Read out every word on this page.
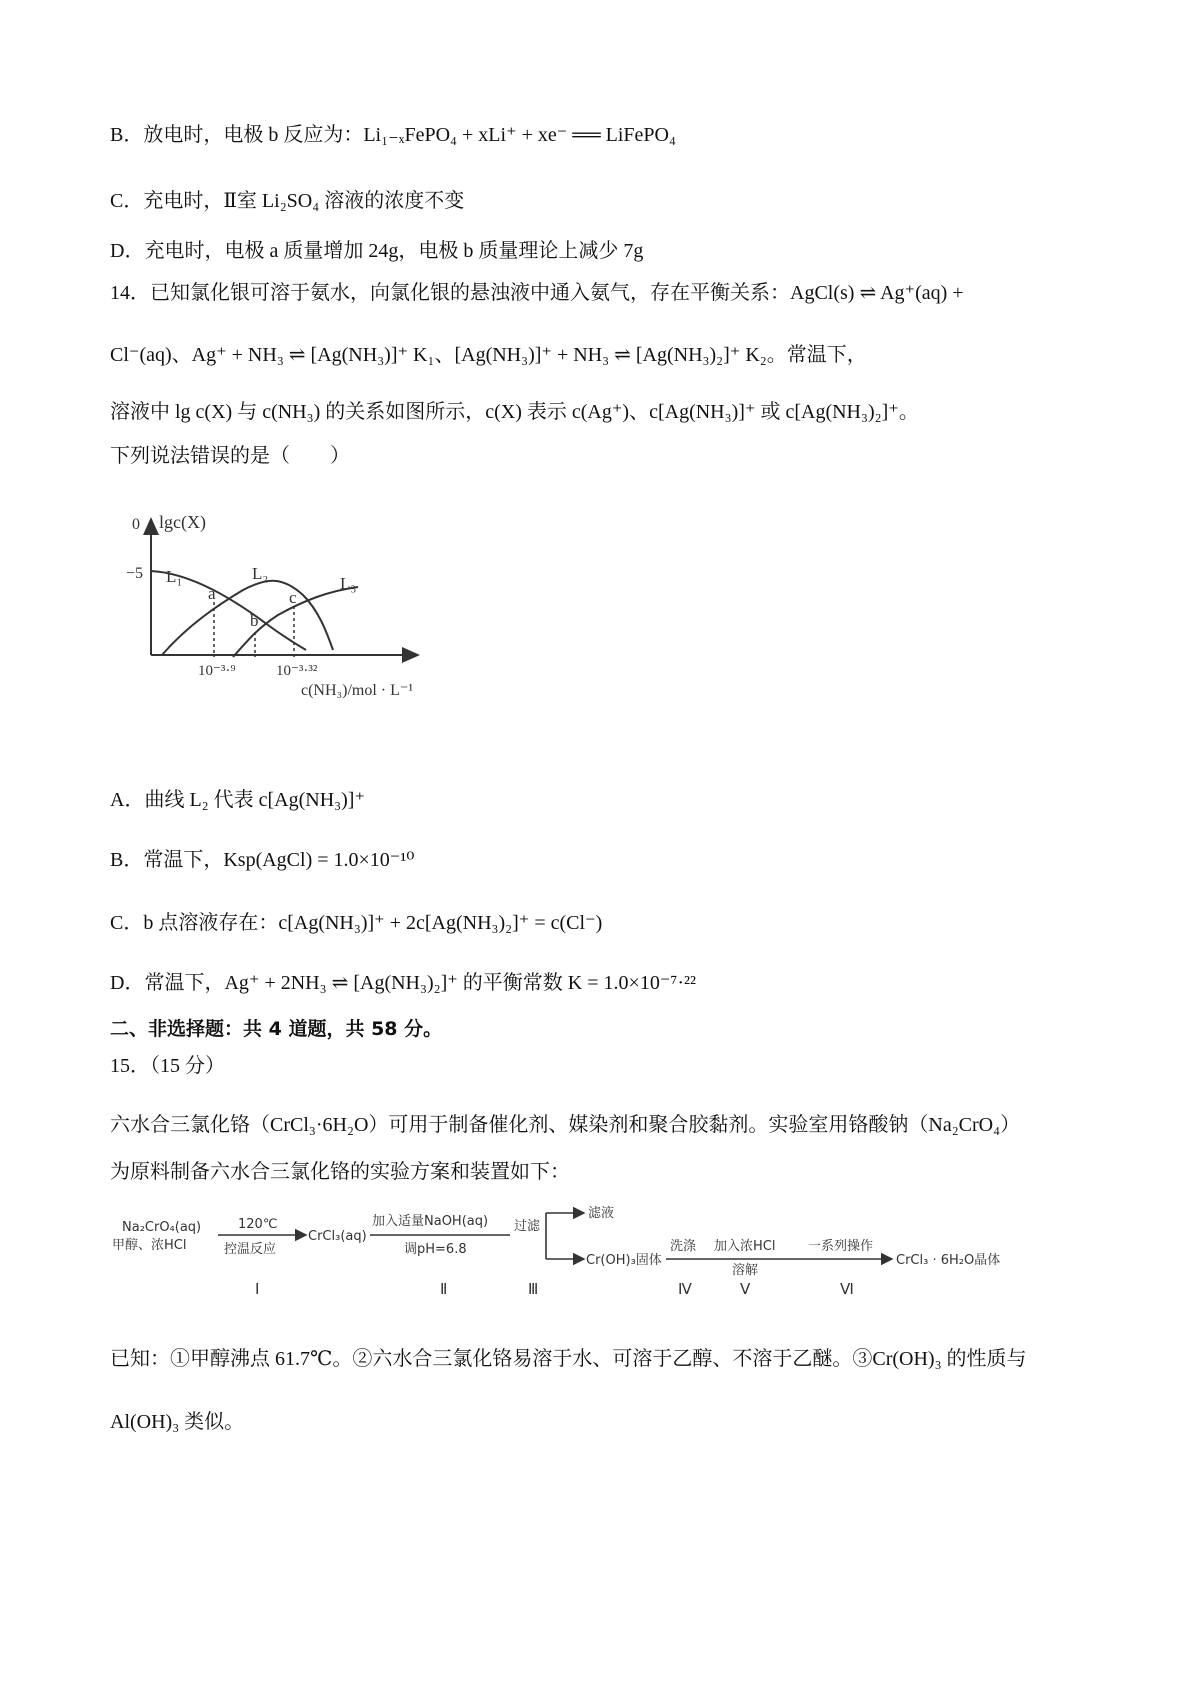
B．放电时，电极 b 反应为：Li₁₋ₓFePO₄ + xLi⁺ + xe⁻ ══ LiFePO₄
C．充电时，Ⅱ室 Li₂SO₄ 溶液的浓度不变
D．充电时，电极 a 质量增加 24g，电极 b 质量理论上减少 7g
14．已知氯化银可溶于氨水，向氯化银的悬浊液中通入氨气，存在平衡关系：AgCl(s) ⇌ Ag⁺(aq) +
Cl⁻(aq)、Ag⁺ + NH₃ ⇌ [Ag(NH₃)]⁺ K₁、[Ag(NH₃)]⁺ + NH₃ ⇌ [Ag(NH₃)₂]⁺ K₂。常温下，
溶液中 lg c(X) 与 c(NH₃) 的关系如图所示，c(X) 表示 c(Ag⁺)、c[Ag(NH₃)]⁺ 或 c[Ag(NH₃)₂]⁺。
下列说法错误的是（　　）
lgc(X)
0
−5 L₁	L₂
L₃
a
b
c
10⁻³·⁹	10⁻³·³²
c(NH₃)/mol · L⁻¹
A．曲线 L₂ 代表 c[Ag(NH₃)]⁺
B．常温下，Ksp(AgCl) = 1.0×10⁻¹⁰
C．b 点溶液存在：c[Ag(NH₃)]⁺ + 2c[Ag(NH₃)₂]⁺ = c(Cl⁻)
D．常温下，Ag⁺ + 2NH₃ ⇌ [Ag(NH₃)₂]⁺ 的平衡常数 K = 1.0×10⁻⁷·²²
二、非选择题：共 4 道题，共 58 分。
15．（15 分）
六水合三氯化铬（CrCl₃·6H₂O）可用于制备催化剂、媒染剂和聚合胶黏剂。实验室用铬酸钠（Na₂CrO₄）
为原料制备六水合三氯化铬的实验方案和装置如下：
Na₂CrO₄(aq)
甲醇、浓HCl
120℃
控温反应
CrCl₃(aq)
加入适量NaOH(aq)
调pH=6.8
过滤
滤液
Cr(OH)₃固体
洗涤 加入浓HCl
溶解
一系列操作
CrCl₃ · 6H₂O晶体
Ⅰ	Ⅱ	Ⅲ	Ⅳ	Ⅴ	Ⅵ
已知：①甲醇沸点 61.7℃。②六水合三氯化铬易溶于水、可溶于乙醇、不溶于乙醚。③Cr(OH)₃ 的性质与
Al(OH)₃ 类似。
